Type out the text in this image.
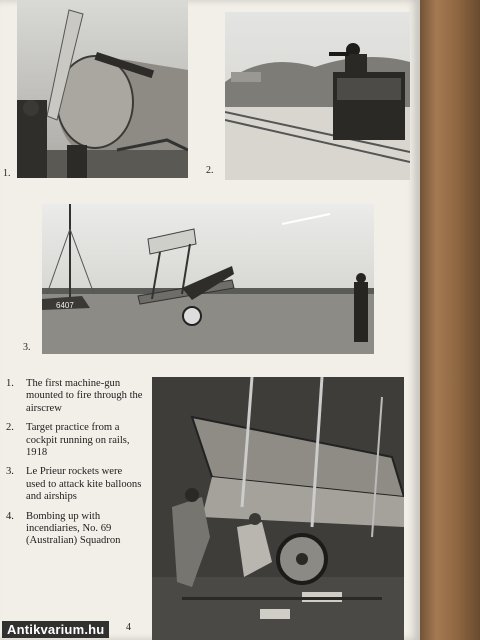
1.	2.
6407
3.
4
1.	The first machine-gun mounted to fire through the airscrew
2.	Target practice from a cockpit running on rails, 1918
3.	Le Prieur rockets were used to attack kite balloons and airships
4.	Bombing up with incendiaries, No. 69 (Australian) Squadron
Antikvarium.hu
